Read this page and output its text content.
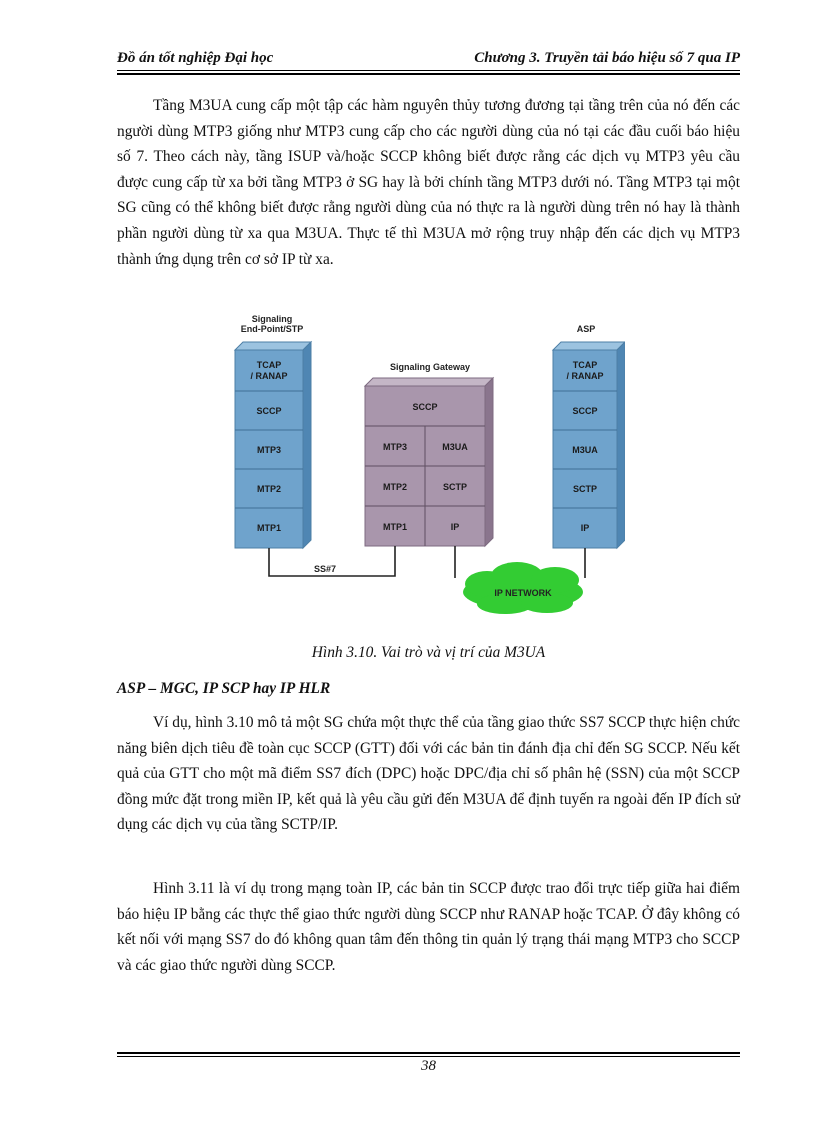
Đồ án tốt nghiệp Đại học	Chương 3. Truyền tải báo hiệu số 7 qua IP

Tầng M3UA cung cấp một tập các hàm nguyên thủy tương đương tại tầng trên của nó đến các người dùng MTP3 giống như MTP3 cung cấp cho các người dùng của nó tại các đầu cuối báo hiệu số 7. Theo cách này, tầng ISUP và/hoặc SCCP không biết được rằng các dịch vụ MTP3 yêu cầu được cung cấp từ xa bởi tầng MTP3 ở SG hay là bởi chính tầng MTP3 dưới nó. Tầng MTP3 tại một SG cũng có thể không biết được rằng người dùng của nó thực ra là người dùng trên nó hay là thành phần người dùng từ xa qua M3UA. Thực tế thì M3UA mở rộng truy nhập đến các dịch vụ MTP3 thành ứng dụng trên cơ sở IP từ xa.

Signaling
End-Point/STP
TCAP
/ RANAP
SCCP
MTP3
MTP2
MTP1
Signaling Gateway
SCCP
MTP3
MTP2
MTP1
M3UA
SCTP
IP
ASP
TCAP
/ RANAP
SCCP
M3UA
SCTP
IP
SS#7
IP NETWORK
Hình 3.10. Vai trò và vị trí của M3UA
ASP – MGC, IP SCP hay IP HLR

Ví dụ, hình 3.10 mô tả một SG chứa một thực thể của tầng giao thức SS7 SCCP thực hiện chức năng biên dịch tiêu đề toàn cục SCCP (GTT) đối với các bản tin đánh địa chỉ đến SG SCCP. Nếu kết quả của GTT cho một mã điểm SS7 đích (DPC) hoặc DPC/địa chỉ số phân hệ (SSN) của một SCCP đồng mức đặt trong miền IP, kết quả là yêu cầu gửi đến M3UA để định tuyến ra ngoài đến IP đích sử dụng các dịch vụ của tầng SCTP/IP.

Hình 3.11 là ví dụ trong mạng toàn IP, các bản tin SCCP được trao đổi trực tiếp giữa hai điểm báo hiệu IP bằng các thực thể giao thức người dùng SCCP như RANAP hoặc TCAP. Ở đây không có kết nối với mạng SS7 do đó không quan tâm đến thông tin quản lý trạng thái mạng MTP3 cho SCCP và các giao thức người dùng SCCP.

38
